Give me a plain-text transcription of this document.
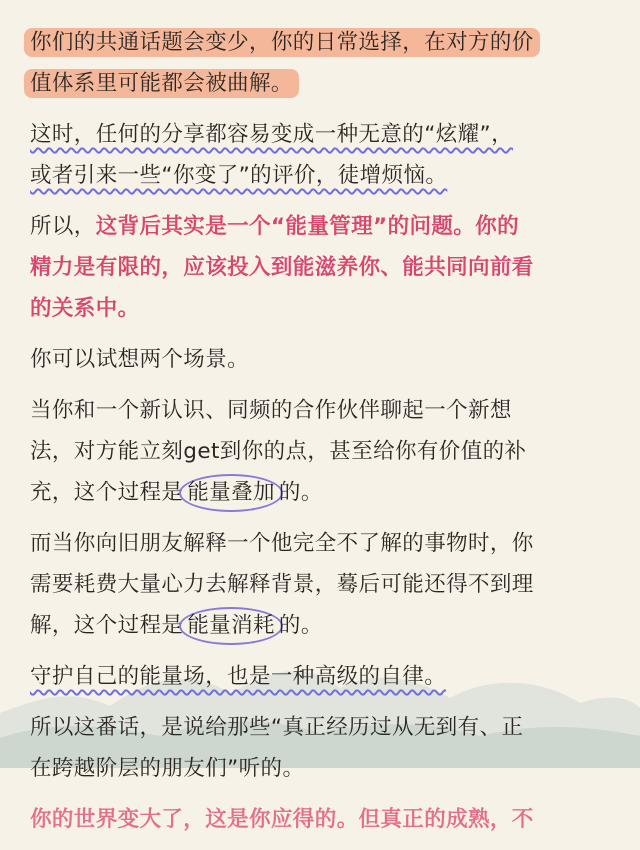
你们的共通话题会变少，你的日常选择，在对方的价
值体系里可能都会被曲解。

这时，任何的分享都容易变成一种无意的“炫耀”，
或者引来一些“你变了”的评价，徒增烦恼。

所以，这背后其实是一个“能量管理”的问题。你的
精力是有限的，应该投入到能滋养你、能共同向前看
的关系中。

你可以试想两个场景。

当你和一个新认识、同频的合作伙伴聊起一个新想
法，对方能立刻get到你的点，甚至给你有价值的补
充，这个过程是 能量叠加 的。

而当你向旧朋友解释一个他完全不了解的事物时，你
需要耗费大量心力去解释背景，蓦后可能还得不到理
解，这个过程是 能量消耗 的。

守护自己的能量场，也是一种高级的自律。

所以这番话，是说给那些“真正经历过从无到有、正
在跨越阶层的朋友们”听的。

你的世界变大了，这是你应得的。但真正的成熟，不
